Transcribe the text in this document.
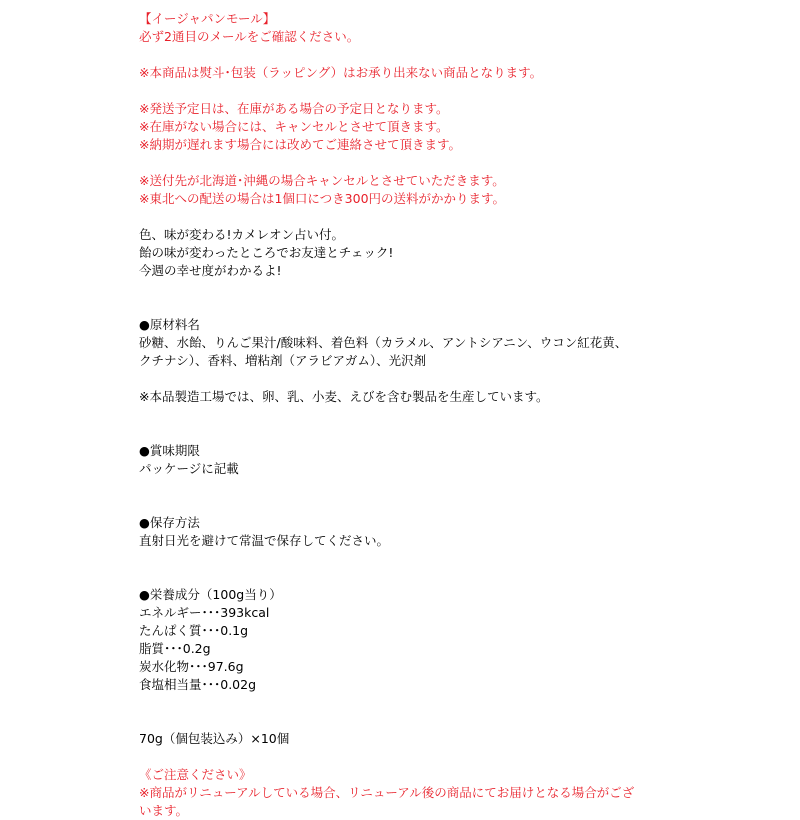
【イージャパンモール】
必ず2通目のメールをご確認ください。
※本商品は熨斗･包装（ラッピング）はお承り出来ない商品となります。
※発送予定日は、在庫がある場合の予定日となります。
※在庫がない場合には、キャンセルとさせて頂きます。
※納期が遅れます場合には改めてご連絡させて頂きます。
※送付先が北海道･沖縄の場合キャンセルとさせていただきます。
※東北への配送の場合は1個口につき300円の送料がかかります。
色、味が変わる!カメレオン占い付。
飴の味が変わったところでお友達とチェック!
今週の幸せ度がわかるよ!
●原材料名
砂糖、水飴、りんご果汁/酸味料、着色料（カラメル、アントシアニン、ウコン紅花黄、
クチナシ）、香料、増粘剤（アラビアガム）、光沢剤
※本品製造工場では、卵、乳、小麦、えびを含む製品を生産しています。
●賞味期限
パッケージに記載
●保存方法
直射日光を避けて常温で保存してください。
●栄養成分（100g当り）
エネルギー･･･393kcal
たんぱく質･･･0.1g
脂質･･･0.2g
炭水化物･･･97.6g
食塩相当量･･･0.02g
70g（個包装込み）×10個
《ご注意ください》
※商品がリニューアルしている場合、リニューアル後の商品にてお届けとなる場合がござ
います。
